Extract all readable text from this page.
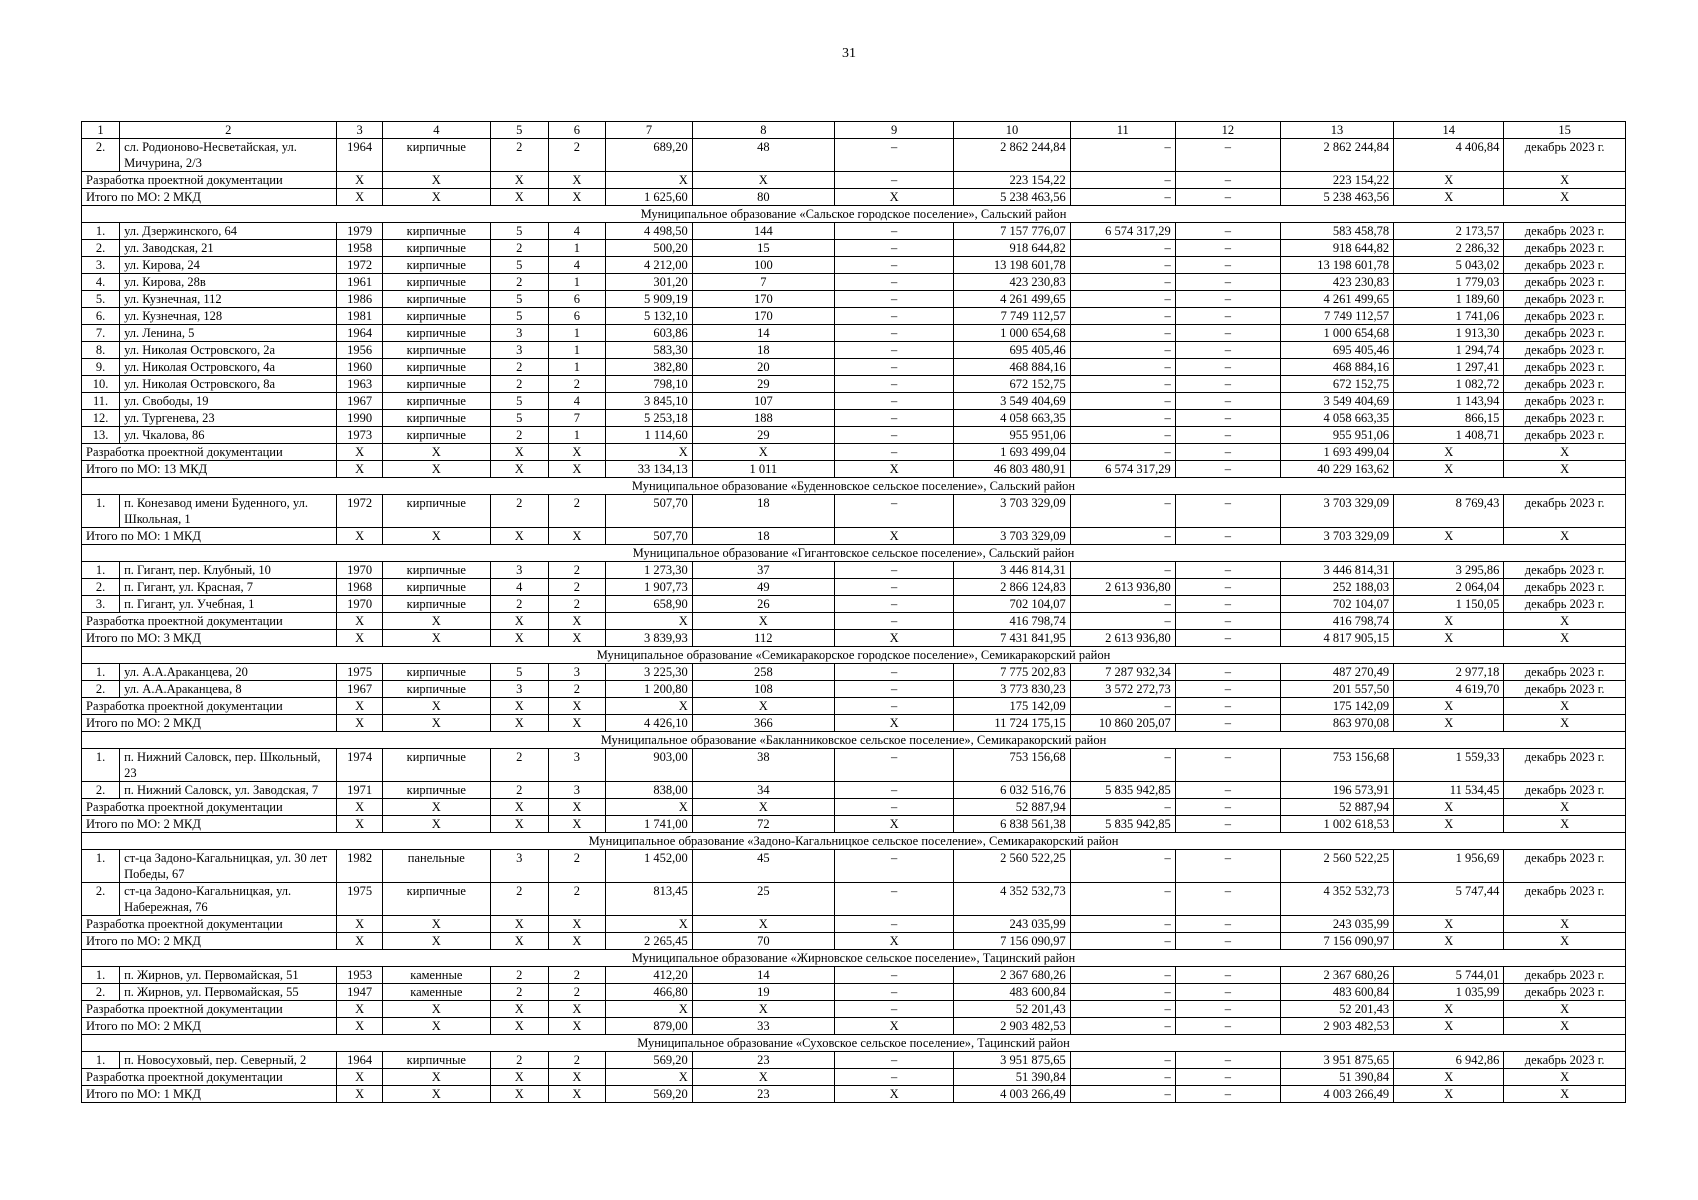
31
1	2	3	4	5	6	7	8	9	10	11	12	13	14	15
2.	сл. Родионово-Несветайская, ул. Мичурина, 2/3	1964	кирпичные	2	2	689,20	48	–	2 862 244,84	–	–	2 862 244,84	4 406,84	декабрь 2023 г.
Разработка проектной документации		Х	Х	Х	Х	Х	Х	–	223 154,22	–	–	223 154,22	Х	Х
Итого по МО: 2 МКД		Х	Х	Х	Х	1 625,60	80	Х	5 238 463,56	–	–	5 238 463,56	Х	Х
Муниципальное образование «Сальское городское поселение», Сальский район														
1.	ул. Дзержинского, 64	1979	кирпичные	5	4	4 498,50	144	–	7 157 776,07	6 574 317,29	–	583 458,78	2 173,57	декабрь 2023 г.
2.	ул. Заводская, 21	1958	кирпичные	2	1	500,20	15	–	918 644,82	–	–	918 644,82	2 286,32	декабрь 2023 г.
3.	ул. Кирова, 24	1972	кирпичные	5	4	4 212,00	100	–	13 198 601,78	–	–	13 198 601,78	5 043,02	декабрь 2023 г.
4.	ул. Кирова, 28в	1961	кирпичные	2	1	301,20	7	–	423 230,83	–	–	423 230,83	1 779,03	декабрь 2023 г.
5.	ул. Кузнечная, 112	1986	кирпичные	5	6	5 909,19	170	–	4 261 499,65	–	–	4 261 499,65	1 189,60	декабрь 2023 г.
6.	ул. Кузнечная, 128	1981	кирпичные	5	6	5 132,10	170	–	7 749 112,57	–	–	7 749 112,57	1 741,06	декабрь 2023 г.
7.	ул. Ленина, 5	1964	кирпичные	3	1	603,86	14	–	1 000 654,68	–	–	1 000 654,68	1 913,30	декабрь 2023 г.
8.	ул. Николая Островского, 2а	1956	кирпичные	3	1	583,30	18	–	695 405,46	–	–	695 405,46	1 294,74	декабрь 2023 г.
9.	ул. Николая Островского, 4а	1960	кирпичные	2	1	382,80	20	–	468 884,16	–	–	468 884,16	1 297,41	декабрь 2023 г.
10.	ул. Николая Островского, 8а	1963	кирпичные	2	2	798,10	29	–	672 152,75	–	–	672 152,75	1 082,72	декабрь 2023 г.
11.	ул. Свободы, 19	1967	кирпичные	5	4	3 845,10	107	–	3 549 404,69	–	–	3 549 404,69	1 143,94	декабрь 2023 г.
12.	ул. Тургенева, 23	1990	кирпичные	5	7	5 253,18	188	–	4 058 663,35	–	–	4 058 663,35	866,15	декабрь 2023 г.
13.	ул. Чкалова, 86	1973	кирпичные	2	1	1 114,60	29	–	955 951,06	–	–	955 951,06	1 408,71	декабрь 2023 г.
Разработка проектной документации		Х	Х	Х	Х	Х	Х	–	1 693 499,04	–	–	1 693 499,04	Х	Х
Итого по МО: 13 МКД		Х	Х	Х	Х	33 134,13	1 011	Х	46 803 480,91	6 574 317,29	–	40 229 163,62	Х	Х
Муниципальное образование «Буденновское сельское поселение», Сальский район														
1.	п. Конезавод имени Буденного, ул. Школьная, 1	1972	кирпичные	2	2	507,70	18	–	3 703 329,09	–	–	3 703 329,09	8 769,43	декабрь 2023 г.
Итого по МО: 1 МКД		Х	Х	Х	Х	507,70	18	Х	3 703 329,09	–	–	3 703 329,09	Х	Х
Муниципальное образование «Гигантовское сельское поселение», Сальский район														
1.	п. Гигант, пер. Клубный, 10	1970	кирпичные	3	2	1 273,30	37	–	3 446 814,31	–	–	3 446 814,31	3 295,86	декабрь 2023 г.
2.	п. Гигант, ул. Красная, 7	1968	кирпичные	4	2	1 907,73	49	–	2 866 124,83	2 613 936,80	–	252 188,03	2 064,04	декабрь 2023 г.
3.	п. Гигант, ул. Учебная, 1	1970	кирпичные	2	2	658,90	26	–	702 104,07	–	–	702 104,07	1 150,05	декабрь 2023 г.
Разработка проектной документации		Х	Х	Х	Х	Х	Х	–	416 798,74	–	–	416 798,74	Х	Х
Итого по МО: 3 МКД		Х	Х	Х	Х	3 839,93	112	Х	7 431 841,95	2 613 936,80	–	4 817 905,15	Х	Х
Муниципальное образование «Семикаракорское городское поселение», Семикаракорский район														
1.	ул. А.А.Араканцева, 20	1975	кирпичные	5	3	3 225,30	258	–	7 775 202,83	7 287 932,34	–	487 270,49	2 977,18	декабрь 2023 г.
2.	ул. А.А.Араканцева, 8	1967	кирпичные	3	2	1 200,80	108	–	3 773 830,23	3 572 272,73	–	201 557,50	4 619,70	декабрь 2023 г.
Разработка проектной документации		Х	Х	Х	Х	Х	Х	–	175 142,09	–	–	175 142,09	Х	Х
Итого по МО: 2 МКД		Х	Х	Х	Х	4 426,10	366	Х	11 724 175,15	10 860 205,07	–	863 970,08	Х	Х
Муниципальное образование «Бакланниковское сельское поселение», Семикаракорский район														
1.	п. Нижний Саловск, пер. Школьный, 23	1974	кирпичные	2	3	903,00	38	–	753 156,68	–	–	753 156,68	1 559,33	декабрь 2023 г.
2.	п. Нижний Саловск, ул. Заводская, 7	1971	кирпичные	2	3	838,00	34	–	6 032 516,76	5 835 942,85	–	196 573,91	11 534,45	декабрь 2023 г.
Разработка проектной документации		Х	Х	Х	Х	Х	Х	–	52 887,94	–	–	52 887,94	Х	Х
Итого по МО: 2 МКД		Х	Х	Х	Х	1 741,00	72	Х	6 838 561,38	5 835 942,85	–	1 002 618,53	Х	Х
Муниципальное образование «Задоно-Кагальницкое сельское поселение», Семикаракорский район														
1.	ст-ца Задоно-Кагальницкая, ул. 30 лет Победы, 67	1982	панельные	3	2	1 452,00	45	–	2 560 522,25	–	–	2 560 522,25	1 956,69	декабрь 2023 г.
2.	ст-ца Задоно-Кагальницкая, ул. Набережная, 76	1975	кирпичные	2	2	813,45	25	–	4 352 532,73	–	–	4 352 532,73	5 747,44	декабрь 2023 г.
Разработка проектной документации		Х	Х	Х	Х	Х	Х	–	243 035,99	–	–	243 035,99	Х	Х
Итого по МО: 2 МКД		Х	Х	Х	Х	2 265,45	70	Х	7 156 090,97	–	–	7 156 090,97	Х	Х
Муниципальное образование «Жирновское сельское поселение», Тацинский район														
1.	п. Жирнов, ул. Первомайская, 51	1953	каменные	2	2	412,20	14	–	2 367 680,26	–	–	2 367 680,26	5 744,01	декабрь 2023 г.
2.	п. Жирнов, ул. Первомайская, 55	1947	каменные	2	2	466,80	19	–	483 600,84	–	–	483 600,84	1 035,99	декабрь 2023 г.
Разработка проектной документации		Х	Х	Х	Х	Х	Х	–	52 201,43	–	–	52 201,43	Х	Х
Итого по МО: 2 МКД		Х	Х	Х	Х	879,00	33	Х	2 903 482,53	–	–	2 903 482,53	Х	Х
Муниципальное образование «Суховское сельское поселение», Тацинский район														
1.	п. Новосуховый, пер. Северный, 2	1964	кирпичные	2	2	569,20	23	–	3 951 875,65	–	–	3 951 875,65	6 942,86	декабрь 2023 г.
Разработка проектной документации		Х	Х	Х	Х	Х	Х	–	51 390,84	–	–	51 390,84	Х	Х
Итого по МО: 1 МКД		Х	Х	Х	Х	569,20	23	Х	4 003 266,49	–	–	4 003 266,49	Х	Х
